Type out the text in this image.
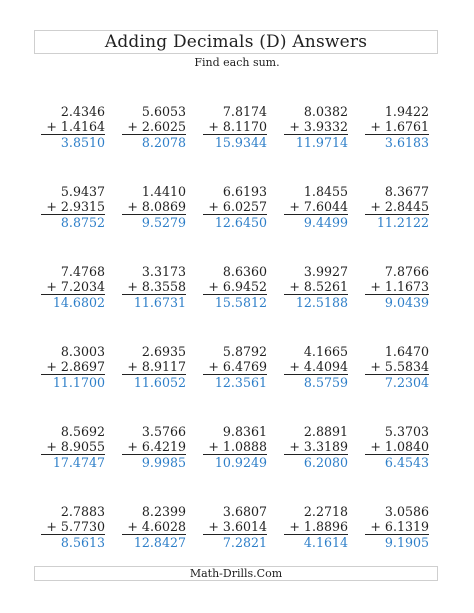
Adding Decimals (D) Answers
Find each sum.
2.4346
+ 1.4164
3.8510
5.6053
+ 2.6025
8.2078
7.8174
+ 8.1170
15.9344
8.0382
+ 3.9332
11.9714
1.9422
+ 1.6761
3.6183
5.9437
+ 2.9315
8.8752
1.4410
+ 8.0869
9.5279
6.6193
+ 6.0257
12.6450
1.8455
+ 7.6044
9.4499
8.3677
+ 2.8445
11.2122
7.4768
+ 7.2034
14.6802
3.3173
+ 8.3558
11.6731
8.6360
+ 6.9452
15.5812
3.9927
+ 8.5261
12.5188
7.8766
+ 1.1673
9.0439
8.3003
+ 2.8697
11.1700
2.6935
+ 8.9117
11.6052
5.8792
+ 6.4769
12.3561
4.1665
+ 4.4094
8.5759
1.6470
+ 5.5834
7.2304
8.5692
+ 8.9055
17.4747
3.5766
+ 6.4219
9.9985
9.8361
+ 1.0888
10.9249
2.8891
+ 3.3189
6.2080
5.3703
+ 1.0840
6.4543
2.7883
+ 5.7730
8.5613
8.2399
+ 4.6028
12.8427
3.6807
+ 3.6014
7.2821
2.2718
+ 1.8896
4.1614
3.0586
+ 6.1319
9.1905
Math-Drills.Com
